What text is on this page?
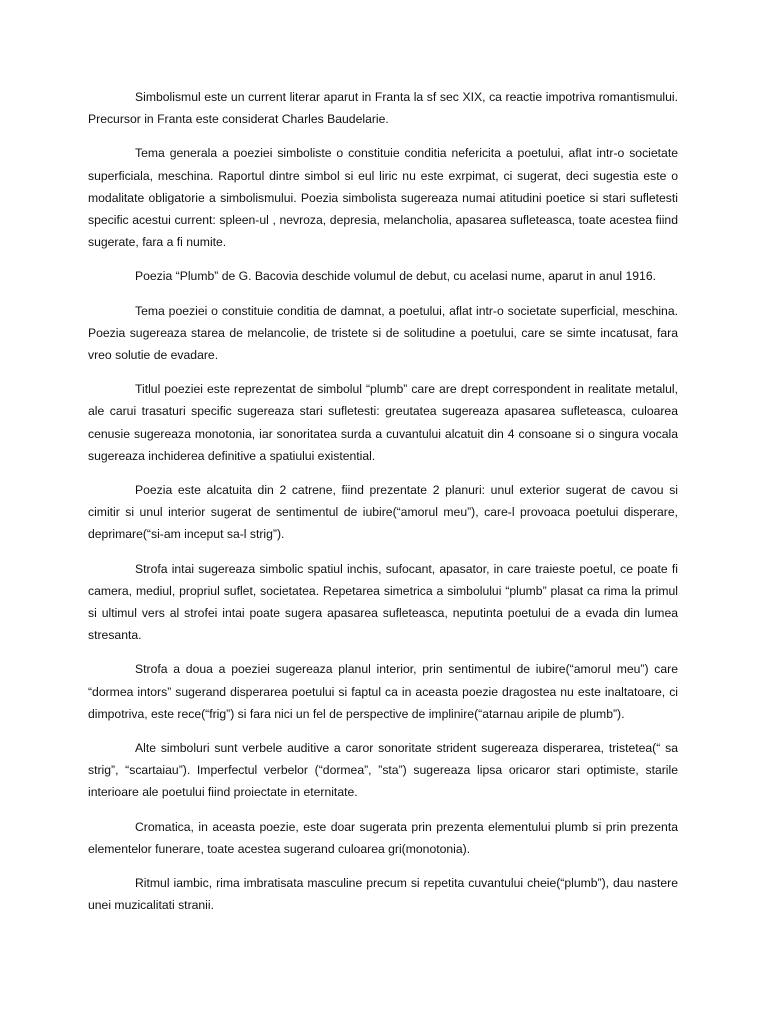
Simbolismul este un current literar aparut in Franta la sf sec XIX, ca reactie impotriva romantismului. Precursor in Franta este considerat Charles Baudelarie.

Tema generala a poeziei simboliste o constituie conditia nefericita a poetului, aflat intr-o societate superficiala, meschina. Raportul dintre simbol si eul liric nu este exrpimat, ci sugerat, deci sugestia este o modalitate obligatorie a simbolismului. Poezia simbolista sugereaza numai atitudini poetice si stari sufletesti specific acestui current: spleen-ul , nevroza, depresia, melancholia, apasarea sufleteasca, toate acestea fiind sugerate, fara a fi numite.

Poezia “Plumb” de G. Bacovia deschide volumul de debut, cu acelasi nume, aparut in anul 1916.

Tema poeziei o constituie conditia de damnat, a poetului, aflat intr-o societate superficial, meschina. Poezia sugereaza starea de melancolie, de tristete si de solitudine a poetului, care se simte incatusat, fara vreo solutie de evadare.

Titlul poeziei este reprezentat de simbolul “plumb” care are drept correspondent in realitate metalul, ale carui trasaturi specific sugereaza stari sufletesti: greutatea sugereaza apasarea sufleteasca, culoarea cenusie sugereaza monotonia, iar sonoritatea surda a cuvantului alcatuit din 4 consoane si o singura vocala sugereaza inchiderea definitive a spatiului existential.

Poezia este alcatuita din 2 catrene, fiind prezentate 2 planuri: unul exterior sugerat de cavou si cimitir si unul interior sugerat de sentimentul de iubire(“amorul meu”), care-l provoaca poetului disperare, deprimare(“si-am inceput sa-l strig”).

Strofa intai sugereaza simbolic spatiul inchis, sufocant, apasator, in care traieste poetul, ce poate fi camera, mediul, propriul suflet, societatea. Repetarea simetrica a simbolului “plumb” plasat ca rima la primul si ultimul vers al strofei intai poate sugera apasarea sufleteasca, neputinta poetului de a evada din lumea stresanta.

Strofa a doua a poeziei sugereaza planul interior, prin sentimentul de iubire(“amorul meu”) care “dormea intors” sugerand disperarea poetului si faptul ca in aceasta poezie dragostea nu este inaltatoare, ci dimpotriva, este rece(“frig”) si fara nici un fel de perspective de implinire(“atarnau aripile de plumb”).

Alte simboluri sunt verbele auditive a caror sonoritate strident sugereaza disperarea, tristetea(“ sa strig”, “scartaiau”). Imperfectul verbelor (“dormea”, ”sta”) sugereaza lipsa oricaror stari optimiste, starile interioare ale poetului fiind proiectate in eternitate.

Cromatica, in aceasta poezie, este doar sugerata prin prezenta elementului plumb si prin prezenta elementelor funerare, toate acestea sugerand culoarea gri(monotonia).

Ritmul iambic, rima imbratisata masculine precum si repetita cuvantului cheie(“plumb”), dau nastere unei muzicalitati stranii.
